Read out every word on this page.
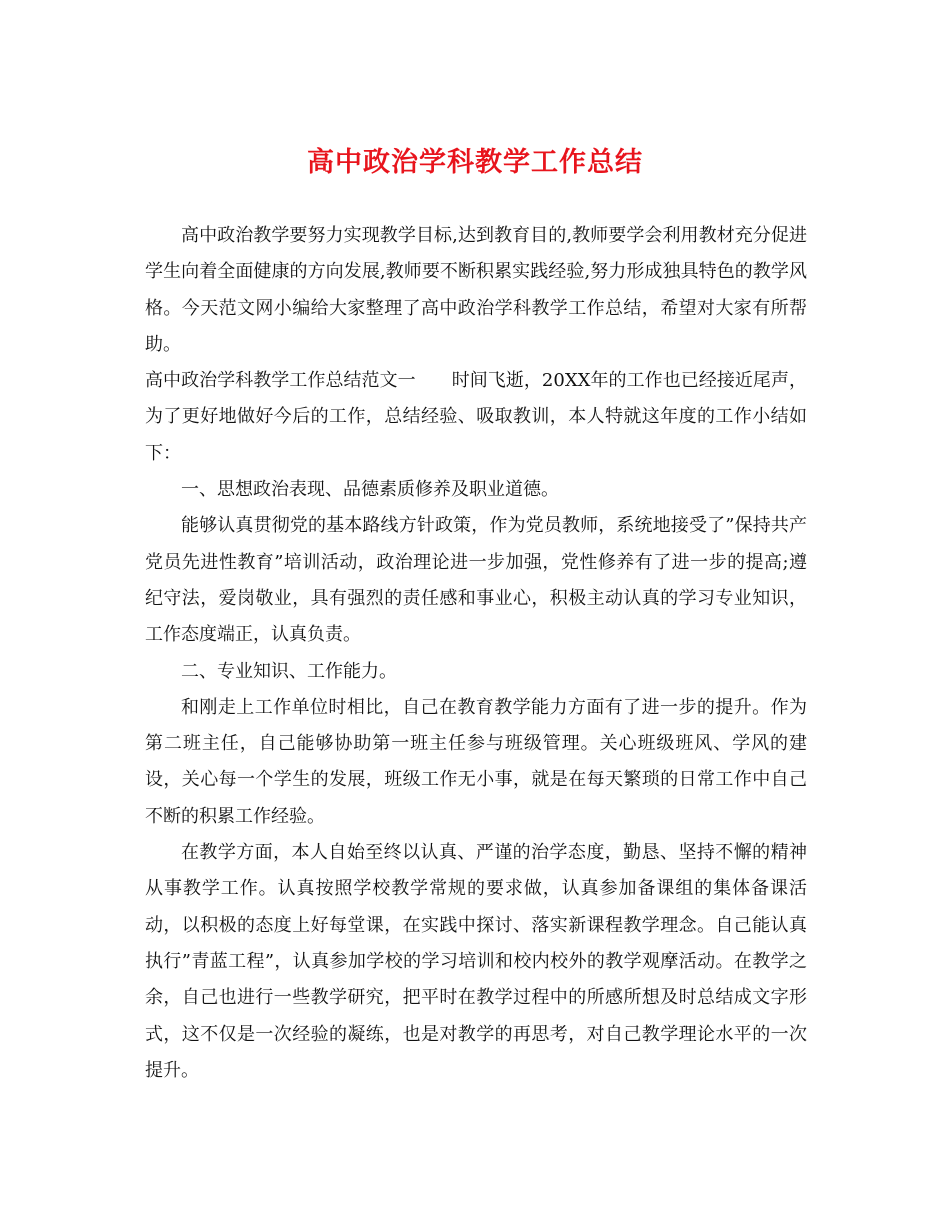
高中政治学科教学工作总结

高中政治教学要努力实现教学目标,达到教育目的,教师要学会利用教材充分促进学生向着全面健康的方向发展,教师要不断积累实践经验,努力形成独具特色的教学风格。今天范文网小编给大家整理了高中政治学科教学工作总结，希望对大家有所帮助。

高中政治学科教学工作总结范文一 时间飞逝，20XX年的工作也已经接近尾声，为了更好地做好今后的工作，总结经验、吸取教训，本人特就这年度的工作小结如下：

一、思想政治表现、品德素质修养及职业道德。

能够认真贯彻党的基本路线方针政策，作为党员教师，系统地接受了”保持共产党员先进性教育”培训活动，政治理论进一步加强，党性修养有了进一步的提高;遵纪守法，爱岗敬业，具有强烈的责任感和事业心，积极主动认真的学习专业知识，工作态度端正，认真负责。

二、专业知识、工作能力。

和刚走上工作单位时相比，自己在教育教学能力方面有了进一步的提升。作为第二班主任，自己能够协助第一班主任参与班级管理。关心班级班风、学风的建设，关心每一个学生的发展，班级工作无小事，就是在每天繁琐的日常工作中自己不断的积累工作经验。

在教学方面，本人自始至终以认真、严谨的治学态度，勤恳、坚持不懈的精神从事教学工作。认真按照学校教学常规的要求做，认真参加备课组的集体备课活动，以积极的态度上好每堂课，在实践中探讨、落实新课程教学理念。自己能认真执行”青蓝工程”，认真参加学校的学习培训和校内校外的教学观摩活动。在教学之余，自己也进行一些教学研究，把平时在教学过程中的所感所想及时总结成文字形式，这不仅是一次经验的凝练，也是对教学的再思考，对自己教学理论水平的一次提升。
